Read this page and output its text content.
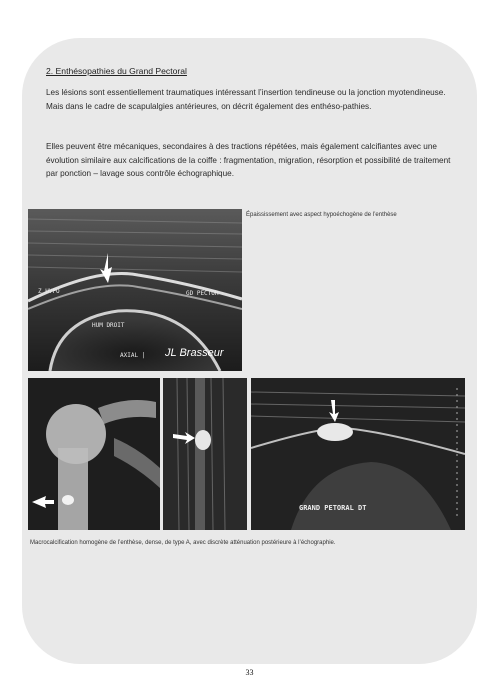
2. Enthésopathies du Grand Pectoral

Les lésions sont essentiellement traumatiques intéressant l’insertion tendineuse ou la jonction myotendineuse. Mais dans le cadre de scapulalgies antérieures, on décrit également des enthéso-pathies.

Elles peuvent être mécaniques, secondaires à des tractions répétées, mais également calcifiantes avec une évolution similaire aux calcifications de la coiffe : fragmentation, migration, résorption et possibilité de traitement par ponction – lavage sous contrôle échographique.

Z HYPO	GD PECTOR
HUM DROIT
AXIAL | JL Brasseur
Épaississement avec aspect hypoéchogène de l’enthèse
GRAND PETORAL DT
Macrocalcification homogène de l’enthèse, dense, de type A, avec discrète atténuation postérieure à l’échographie.
33
